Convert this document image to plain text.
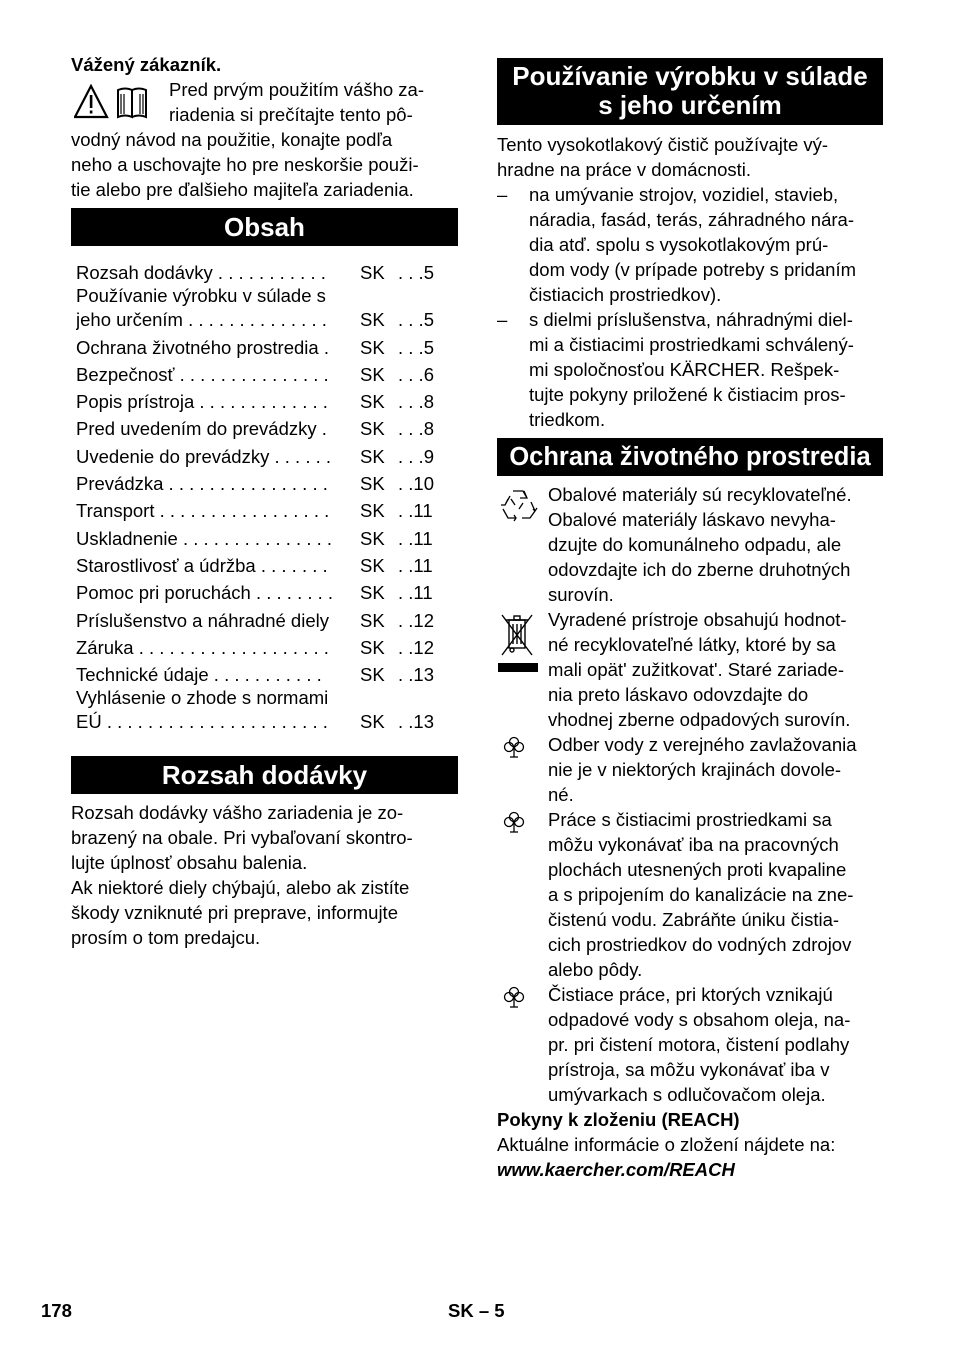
Vážený zákazník.
Pred prvým použitím vášho za-
riadenia si prečítajte tento pô-

vodný návod na použitie, konajte podľa

neho a uschovajte ho pre neskoršie použi-

tie alebo pre ďalšieho majiteľa zariadenia.

Obsah
Rozsah dodávky . . . . . . . . . . .	SK . . .5
Používanie výrobku v súlade s
jeho určením . . . . . . . . . . . . . .	SK . . .5
Ochrana životného prostredia .	SK . . .5
Bezpečnosť . . . . . . . . . . . . . . .	SK . . .6
Popis prístroja . . . . . . . . . . . . .	SK . . .8
Pred uvedením do prevádzky .	SK . . .8
Uvedenie do prevádzky . . . . . .	SK . . .9
Prevádzka . . . . . . . . . . . . . . . .	SK . .10
Transport . . . . . . . . . . . . . . . . .	SK . .11
Uskladnenie . . . . . . . . . . . . . . .	SK . .11
Starostlivosť a údržba . . . . . . .	SK . .11
Pomoc pri poruchách . . . . . . . .	SK . .11
Príslušenstvo a náhradné diely	SK . .12
Záruka . . . . . . . . . . . . . . . . . . .	SK . .12
Technické údaje . . . . . . . . . . .	SK . .13
Vyhlásenie o zhode s normami
EÚ . . . . . . . . . . . . . . . . . . . . . .	SK . .13
Rozsah dodávky

Rozsah dodávky vášho zariadenia je zo-

brazený na obale. Pri vybaľovaní skontro-

lujte úplnosť obsahu balenia.

Ak niektoré diely chýbajú, alebo ak zistíte

škody vzniknuté pri preprave, informujte

prosím o tom predajcu.

Používanie výrobku v súlade
s jeho určením

Tento vysokotlakový čistič používajte vý-

hradne na práce v domácnosti.

– na umývanie strojov, vozidiel, stavieb,

náradia, fasád, terás, záhradného nára-

dia atď. spolu s vysokotlakovým prú-

dom vody (v prípade potreby s pridaním

čistiacich prostriedkov).

– s dielmi príslušenstva, náhradnými diel-

mi a čistiacimi prostriedkami schválený-

mi spoločnosťou KÄRCHER. Rešpek-

tujte pokyny priložené k čistiacim pros-

triedkom.

Ochrana životného prostredia

Obalové materiály sú recyklovateľné.

Obalové materiály láskavo nevyha-

dzujte do komunálneho odpadu, ale

odovzdajte ich do zberne druhotných

surovín.

Vyradené prístroje obsahujú hodnot-

né recyklovateľné látky, ktoré by sa

mali opät' zužitkovat'. Staré zariade-

nia preto láskavo odovzdajte do

vhodnej zberne odpadových surovín.

Odber vody z verejného zavlažovania

nie je v niektorých krajinách dovole-

né.

Práce s čistiacimi prostriedkami sa

môžu vykonávať iba na pracovných

plochách utesnených proti kvapaline

a s pripojením do kanalizácie na zne-

čistenú vodu. Zabráňte úniku čistia-

cich prostriedkov do vodných zdrojov

alebo pôdy.

Čistiace práce, pri ktorých vznikajú

odpadové vody s obsahom oleja, na-

pr. pri čistení motora, čistení podlahy

prístroja, sa môžu vykonávať iba v

umývarkach s odlučovačom oleja.

Pokyny k zloženiu (REACH)

Aktuálne informácie o zložení nájdete na:

www.kaercher.com/REACH

178	SK – 5
